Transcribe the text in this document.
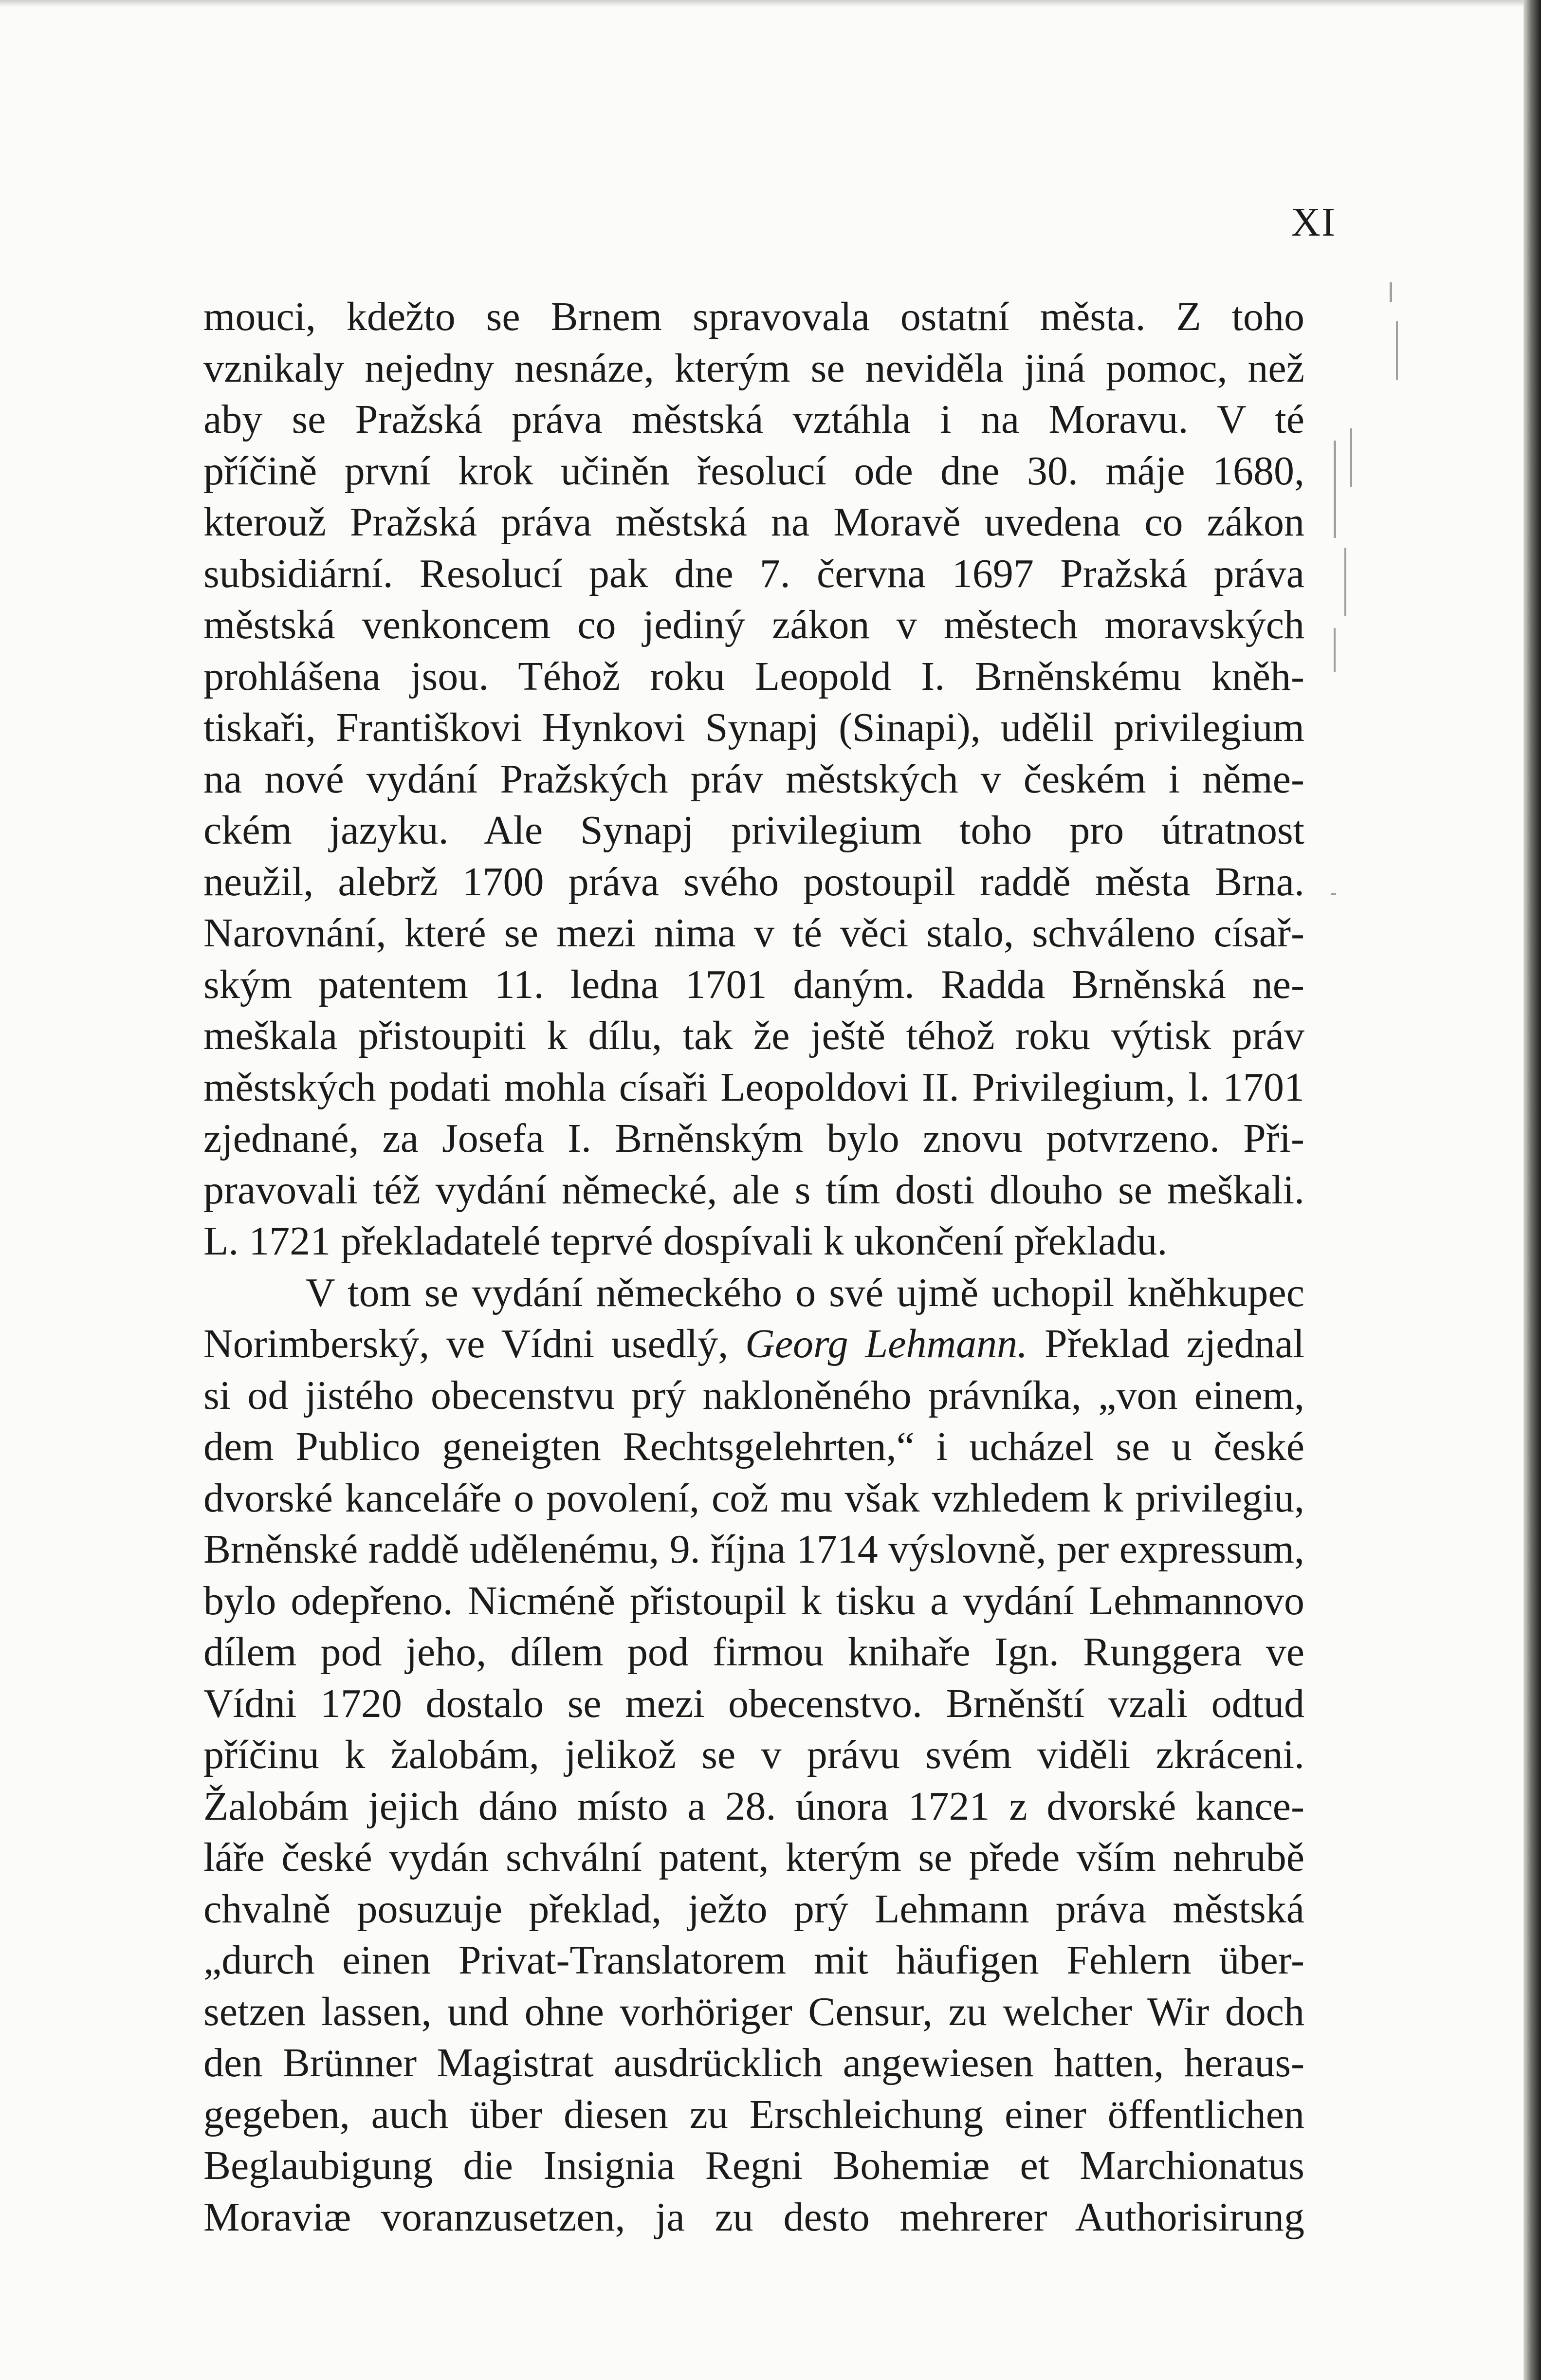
XI
mouci, kdežto se Brnem spravovala ostatní města. Z toho
vznikaly nejedny nesnáze, kterým se neviděla jiná pomoc, než
aby se Pražská práva městská vztáhla i na Moravu. V té
příčině první krok učiněn řesolucí ode dne 30. máje 1680,
kterouž Pražská práva městská na Moravě uvedena co zákon
subsidiární. Resolucí pak dne 7. června 1697 Pražská práva
městská venkoncem co jediný zákon v městech moravských
prohlášena jsou. Téhož roku Leopold I. Brněnskému kněh-
tiskaři, Františkovi Hynkovi Synapj (Sinapi), udělil privilegium
na nové vydání Pražských práv městských v českém i něme-
ckém jazyku. Ale Synapj privilegium toho pro útratnost
neužil, alebrž 1700 práva svého postoupil raddě města Brna.
Narovnání, které se mezi nima v té věci stalo, schváleno císař-
ským patentem 11. ledna 1701 daným. Radda Brněnská ne-
meškala přistoupiti k dílu, tak že ještě téhož roku výtisk práv
městských podati mohla císaři Leopoldovi II. Privilegium, l. 1701
zjednané, za Josefa I. Brněnským bylo znovu potvrzeno. Při-
pravovali též vydání německé, ale s tím dosti dlouho se meškali.
L. 1721 překladatelé teprvé dospívali k ukončení překladu.
V tom se vydání německého o své ujmě uchopil kněhkupec
Norimberský, ve Vídni usedlý, Georg Lehmann. Překlad zjednal
si od jistého obecenstvu prý nakloněného právníka, „von einem,
dem Publico geneigten Rechtsgelehrten,“ i ucházel se u české
dvorské kanceláře o povolení, což mu však vzhledem k privilegiu,
Brněnské raddě udělenému, 9. října 1714 výslovně, per expressum,
bylo odepřeno. Nicméně přistoupil k tisku a vydání Lehmannovo
dílem pod jeho, dílem pod firmou knihaře Ign. Runggera ve
Vídni 1720 dostalo se mezi obecenstvo. Brněnští vzali odtud
příčinu k žalobám, jelikož se v právu svém viděli zkráceni.
Žalobám jejich dáno místo a 28. února 1721 z dvorské kance-
láře české vydán schvální patent, kterým se přede vším nehrubě
chvalně posuzuje překlad, ježto prý Lehmann práva městská
„durch einen Privat-Translatorem mit häufigen Fehlern über-
setzen lassen, und ohne vorhöriger Censur, zu welcher Wir doch
den Brünner Magistrat ausdrücklich angewiesen hatten, heraus-
gegeben, auch über diesen zu Erschleichung einer öffentlichen
Beglaubigung die Insignia Regni Bohemiæ et Marchionatus
Moraviæ voranzusetzen, ja zu desto mehrerer Authorisirung
